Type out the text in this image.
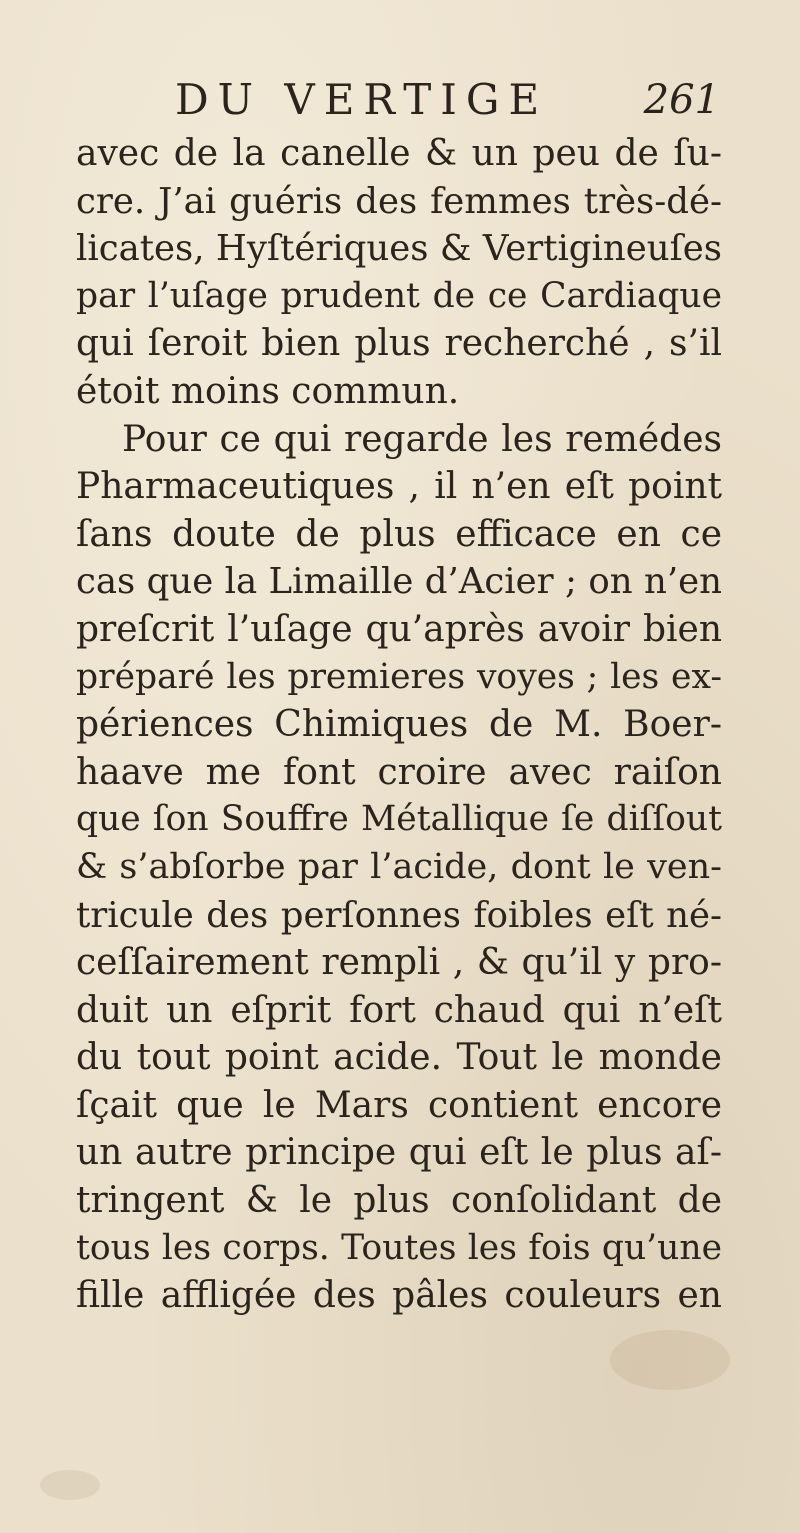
DU VERTIGE 261
avec de la canelle & un peu de ſu-
cre. J’ai guéris des femmes très-dé-
licates, Hyſtériques & Vertigineuſes
par l’uſage prudent de ce Cardiaque
qui ſeroit bien plus recherché , s’il
étoit moins commun.
Pour ce qui regarde les remédes
Pharmaceutiques , il n’en eſt point
ſans doute de plus efficace en ce
cas que la Limaille d’Acier ; on n’en
preſcrit l’uſage qu’après avoir bien
préparé les premieres voyes ; les ex-
périences Chimiques de M. Boer-
haave me font croire avec raiſon
que ſon Souffre Métallique ſe diſſout
& s’abſorbe par l’acide, dont le ven-
tricule des perſonnes foibles eſt né-
ceſſairement rempli , & qu’il y pro-
duit un eſprit fort chaud qui n’eſt
du tout point acide. Tout le monde
ſçait que le Mars contient encore
un autre principe qui eſt le plus aſ-
tringent & le plus conſolidant de
tous les corps. Toutes les fois qu’une
fille affligée des pâles couleurs en
